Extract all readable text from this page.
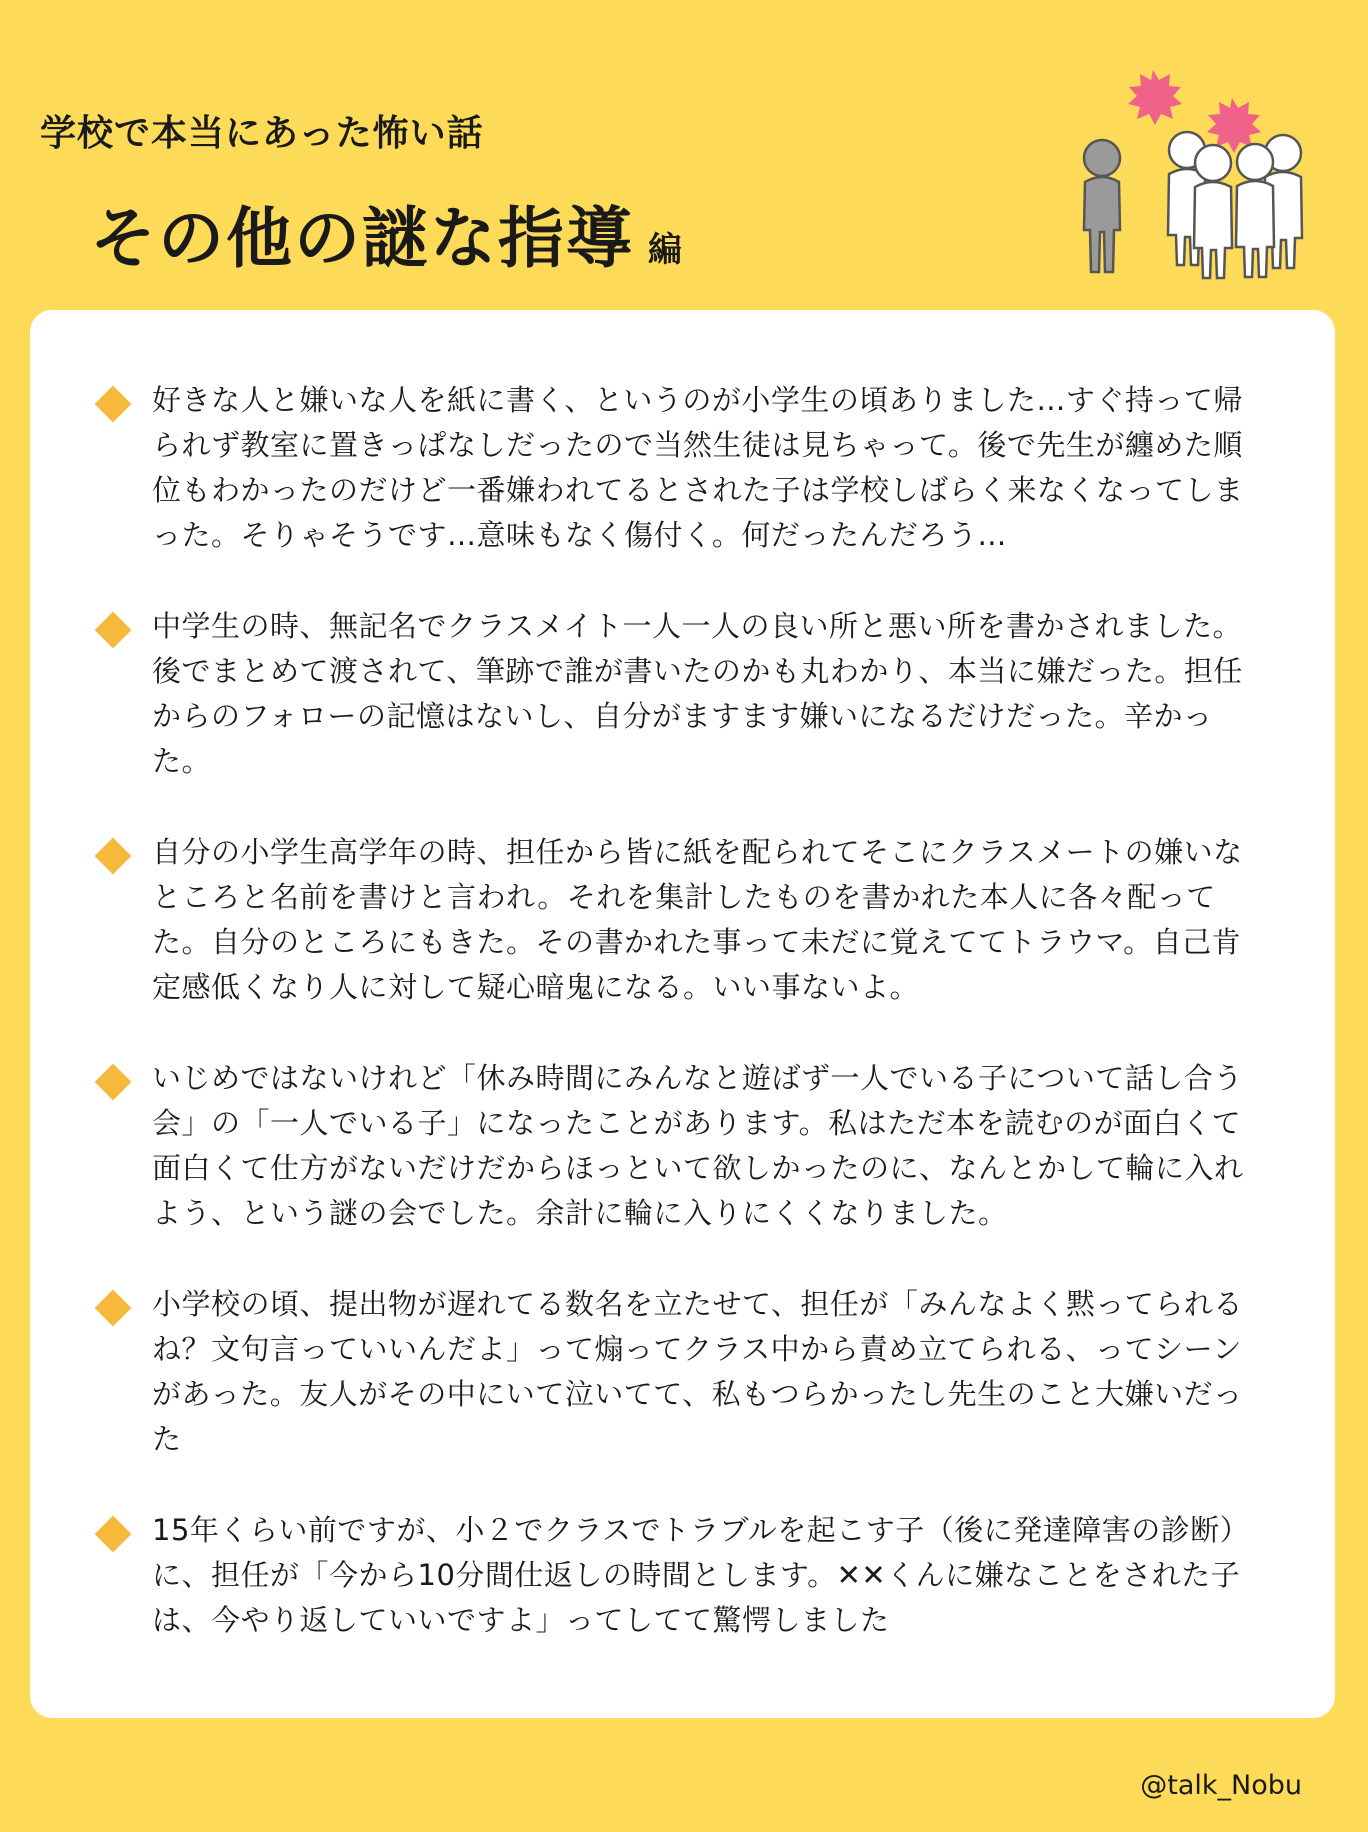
学校で本当にあった怖い話
その他の謎な指導 編

好きな人と嫌いな人を紙に書く、というのが小学生の頃ありました…すぐ持って帰られず教室に置きっぱなしだったので当然生徒は見ちゃって。後で先生が纏めた順位もわかったのだけど一番嫌われてるとされた子は学校しばらく来なくなってしまった。そりゃそうです…意味もなく傷付く。何だったんだろう…

中学生の時、無記名でクラスメイト一人一人の良い所と悪い所を書かされました。後でまとめて渡されて、筆跡で誰が書いたのかも丸わかり、本当に嫌だった。担任からのフォローの記憶はないし、自分がますます嫌いになるだけだった。辛かった。

自分の小学生高学年の時、担任から皆に紙を配られてそこにクラスメートの嫌いなところと名前を書けと言われ。それを集計したものを書かれた本人に各々配ってた。自分のところにもきた。その書かれた事って未だに覚えててトラウマ。自己肯定感低くなり人に対して疑心暗鬼になる。いい事ないよ。

いじめではないけれど「休み時間にみんなと遊ばず一人でいる子について話し合う会」の「一人でいる子」になったことがあります。私はただ本を読むのが面白くて面白くて仕方がないだけだからほっといて欲しかったのに、なんとかして輪に入れよう、という謎の会でした。余計に輪に入りにくくなりました。

小学校の頃、提出物が遅れてる数名を立たせて、担任が「みんなよく黙ってられるね？文句言っていいんだよ」って煽ってクラス中から責め立てられる、ってシーンがあった。友人がその中にいて泣いてて、私もつらかったし先生のこと大嫌いだった

15年くらい前ですが、小２でクラスでトラブルを起こす子（後に発達障害の診断）に、担任が「今から10分間仕返しの時間とします。✕✕くんに嫌なことをされた子は、今やり返していいですよ」ってしてて驚愕しました

@talk_Nobu
